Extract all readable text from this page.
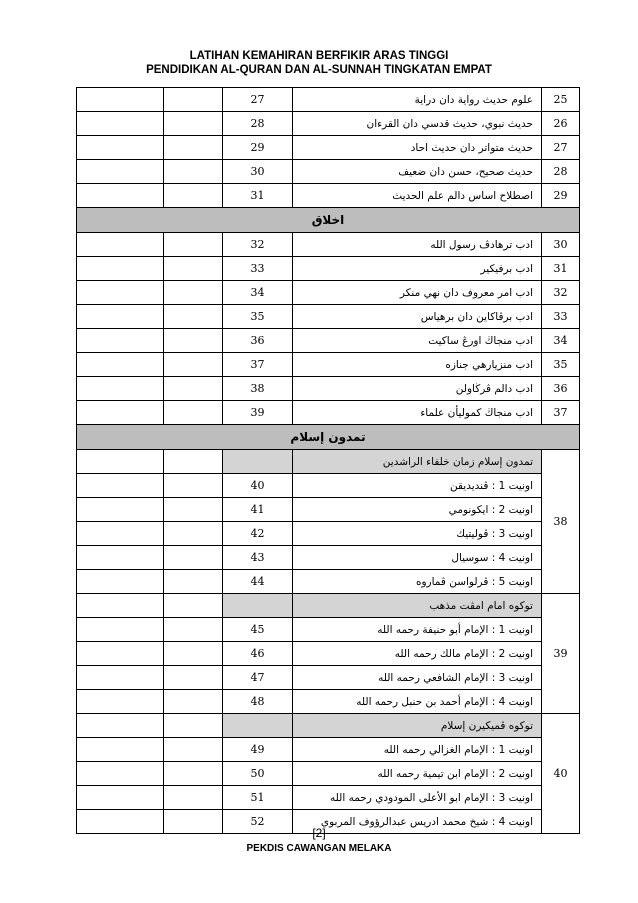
LATIHAN KEMAHIRAN BERFIKIR ARAS TINGGI
PENDIDIKAN AL-QURAN DAN AL-SUNNAH TINGKATAN EMPAT
		27	علوم حديث رواية دان دراية	25
		28	حديث نبوي، حديث قدسي دان القرءان	26
		29	حديث متواتر دان حديث احاد	27
		30	حديث صحيح، حسن دان ضعيف	28
		31	اصطلاح اساس دالم علم الحديث	29
اخلاق				
		32	ادب ترهادڤ رسول الله	30
		33	ادب برفيكير	31
		34	ادب امر معروف دان نهي منكر	32
		35	ادب برڤاكاين دان برهياس	33
		36	ادب منجاڬ اورڠ ساكيت	34
		37	ادب منزيارهي جنازه	35
		38	ادب دالم ڤرڬاولن	36
		39	ادب منجاڬ كموليأن علماء	37
تمدون إسلام				
			تمدون إسلام زمان خلفاء الراشدين	38
		40	اونيت 1 : ڤنديديقن	
		41	اونيت 2 : ايكونومي	
		42	اونيت 3 : ڤوليتيك	
		43	اونيت 4 : سوسيال	
		44	اونيت 5 : ڤرلواسن ڤماروه	
			توكوه امام امڤت مذهب	39
		45	اونيت 1 : الإمام أبو حنيفة رحمه الله	
		46	اونيت 2 : الإمام مالك رحمه الله	
		47	اونيت 3 : الإمام الشافعي رحمه الله	
		48	اونيت 4 : الإمام أحمد بن حنبل رحمه الله	
			توكوه ڤميكيرن إسلام	40
		49	اونيت 1 : الإمام الغزالي رحمه الله	
		50	اونيت 2 : الإمام ابن تيمية رحمه الله	
		51	اونيت 3 : الإمام ابو الأعلى المودودي رحمه الله	
		52	اونيت 4 : شيخ محمد ادريس عبدالرؤوف المربوي	
[2]
PEKDIS CAWANGAN MELAKA
